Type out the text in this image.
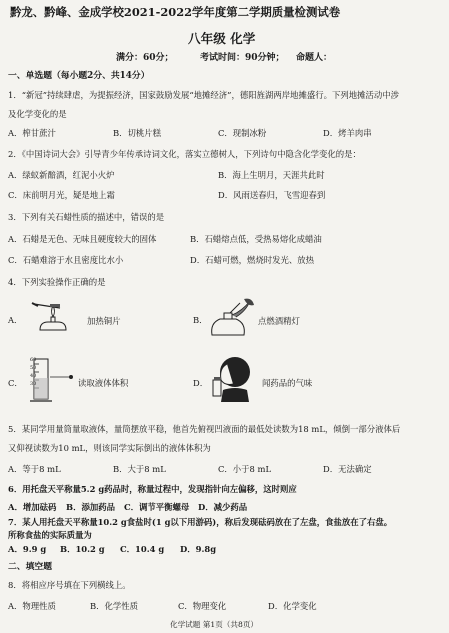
黔龙、黔峰、金成学校2021-2022学年度第二学期质量检测试卷
八年级 化学
满分：60分；	考试时间：90分钟； 命题人：
一、单选题（每小题2分、共14分）
1．“新冠”持续肆虐，为提振经济，国家鼓励发展“地摊经济”，德阳旌湖两岸地摊盛行。下列地摊活动中涉
及化学变化的是
A．榨甘蔗汁	B．切桃片糕	C．现制冰粉	D．烤羊肉串
2．《中国诗词大会》引导青少年传承诗词文化，落实立德树人，下列诗句中隐含化学变化的是：
A．绿蚁新醅酒，红泥小火炉	B．海上生明月，天涯共此时
C．床前明月光，疑是地上霜	D．风雨送春归，飞雪迎春到
3．下列有关石蜡性质的描述中，错误的是
A．石蜡是无色、无味且硬度较大的固体	B．石蜡熔点低，受热易熔化成蜡油
C．石蜡难溶于水且密度比水小	D．石蜡可燃，燃烧时发光、放热
4．下列实验操作正确的是
A．	加热铜片	B．	点燃酒精灯
C．
60
50
40
30	读取液体体积	D．	闻药品的气味
5．某同学用量筒量取液体，量筒摆放平稳，他首先俯视凹液面的最低处读数为18 mL，倾倒一部分液体后
又仰视读数为10 mL，则该同学实际倒出的液体体积为
A．等于8 mL	B．大于8 mL	C．小于8 mL	D．无法确定
6．用托盘天平称量5.2 g药品时，称量过程中，发现指针向左偏移，这时则应
A．增加砝码 B．添加药品 C．调节平衡螺母 D．减少药品
7．某人用托盘天平称量10.2 g食盐时(1 g以下用游码)，称后发现砝码放在了左盘，食盐放在了右盘。
所称食盐的实际质量为
A．9.9 g B．10.2 g C．10.4 g D．9.8g
二、填空题
8．将相应序号填在下列横线上。
A．物理性质	B．化学性质	C．物理变化	D．化学变化
化学试题 第1页（共8页）
